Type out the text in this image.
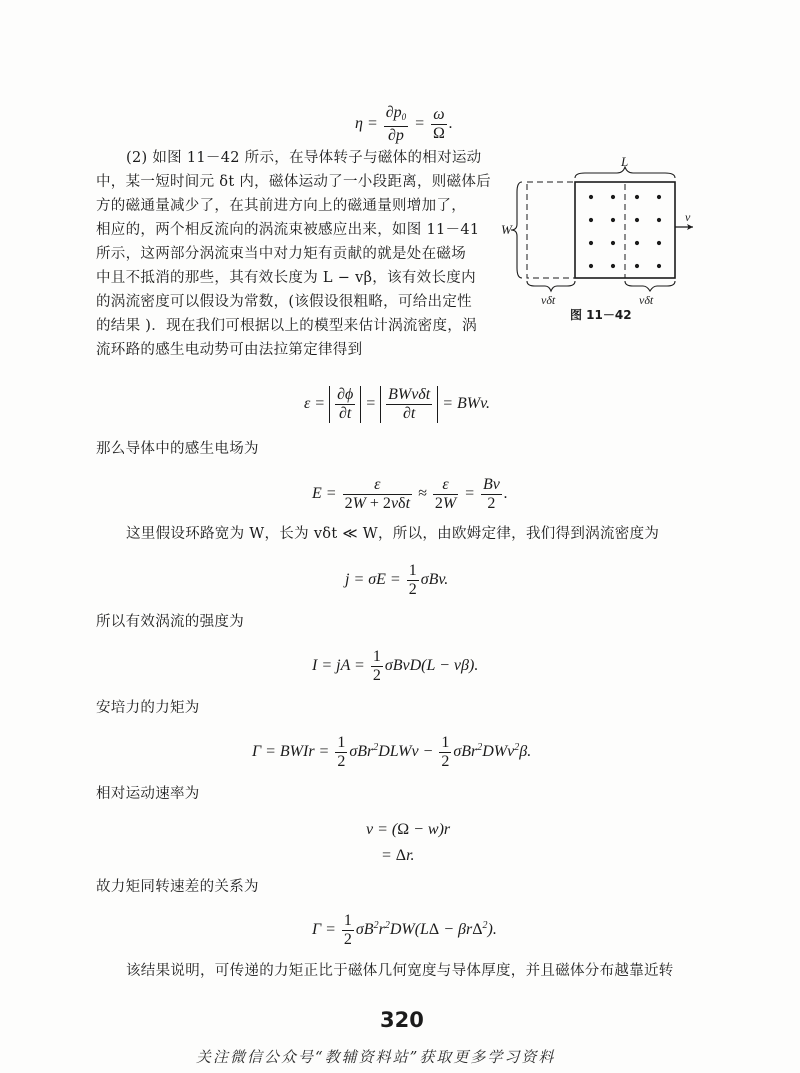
$\eta = \frac{\partial p_0}{\partial p} = \frac{\omega}{\Omega}$ .
(2) 如图 11－42 所示，在导体转子与磁体的相对运动
中，某一短时间元 δt 内，磁体运动了一小段距离，则磁体后
方的磁通量减少了，在其前进方向上的磁通量则增加了，
相应的，两个相反流向的涡流束被感应出来，如图 11－41
所示，这两部分涡流束当中对力矩有贡献的就是处在磁场
中且不抵消的那些，其有效长度为 L − vβ，该有效长度内
的涡流密度可以假设为常数，(该假设很粗略，可给出定性
的结果 )．现在我们可根据以上的模型来估计涡流密度，涡
流环路的感生电动势可由法拉第定律得到
L
W
v
vδt	vδt
图 11－42
$\varepsilon = \frac{\partial\phi}{\partial t} = \frac{\text{BWvδt}}{\partial t}$ = BWv.
那么导体中的感生电场为
$E = \frac{\varepsilon}{\text{2W + 2vδt}} \approx \frac{\varepsilon}{2W} = \frac{Bv}{2}$ .
这里假设环路宽为 W，长为 vδt ≪ W，所以，由欧姆定律，我们得到涡流密度为
$j = \sigma E = \frac{1}{2} \sigma Bv$.
所以有效涡流的强度为
I = jA = $\frac{1}{2} \sigma BvD(L - v\beta)$.
安培力的力矩为
Γ = BWIr = $\frac{1}{2}$ σBr$^2$DLWv − $\frac{1}{2} \sigma Br^2DWv^2\beta$.
相对运动速率为
v = (Ω − w)r
= Δr.
故力矩同转速差的关系为
$\Gamma = \frac{1}{2} \sigma B^2r^2DW(L\Delta - \beta r\Delta^2)$.
该结果说明，可传递的力矩正比于磁体几何宽度与导体厚度，并且磁体分布越靠近转
320
关注微信公众号“教辅资料站”获取更多学习资料
